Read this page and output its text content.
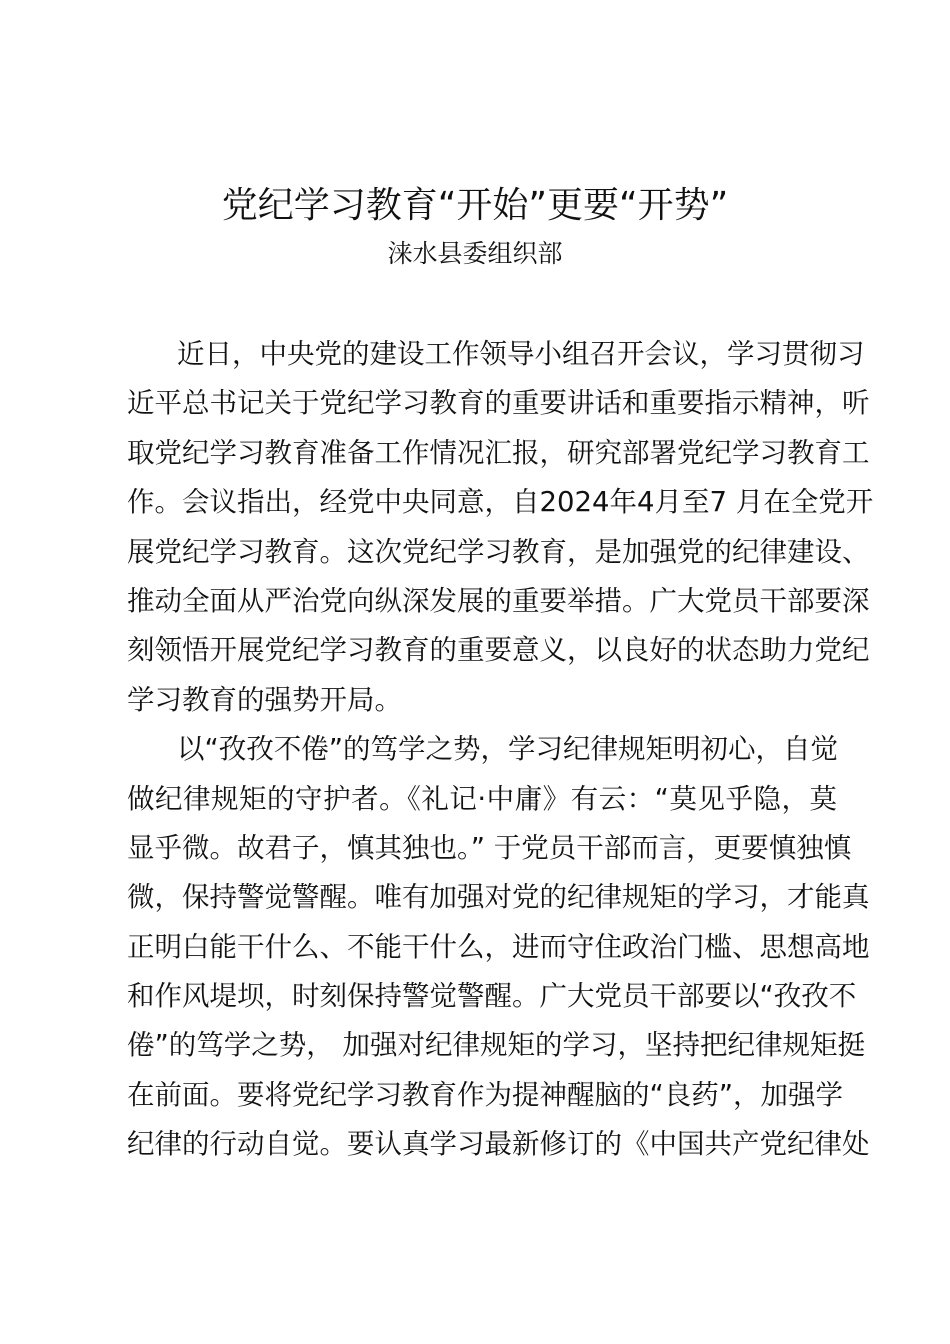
党纪学习教育“开始”更要“开势”
涞水县委组织部
近日，中央党的建设工作领导小组召开会议，学习贯彻习
近平总书记关于党纪学习教育的重要讲话和重要指示精神，听
取党纪学习教育准备工作情况汇报，研究部署党纪学习教育工
作。会议指出，经党中央同意，自2024年4月至7 月在全党开
展党纪学习教育。这次党纪学习教育，是加强党的纪律建设、
推动全面从严治党向纵深发展的重要举措。广大党员干部要深
刻领悟开展党纪学习教育的重要意义，以良好的状态助力党纪
学习教育的强势开局。
以“孜孜不倦”的笃学之势，学习纪律规矩明初心，自觉
做纪律规矩的守护者。《礼记·中庸》有云：“莫见乎隐，莫
显乎微。故君子，慎其独也。” 于党员干部而言，更要慎独慎
微，保持警觉警醒。唯有加强对党的纪律规矩的学习，才能真
正明白能干什么、不能干什么，进而守住政治门槛、思想高地
和作风堤坝，时刻保持警觉警醒。广大党员干部要以“孜孜不
倦”的笃学之势， 加强对纪律规矩的学习，坚持把纪律规矩挺
在前面。要将党纪学习教育作为提神醒脑的“良药”，加强学
纪律的行动自觉。要认真学习最新修订的《中国共产党纪律处
